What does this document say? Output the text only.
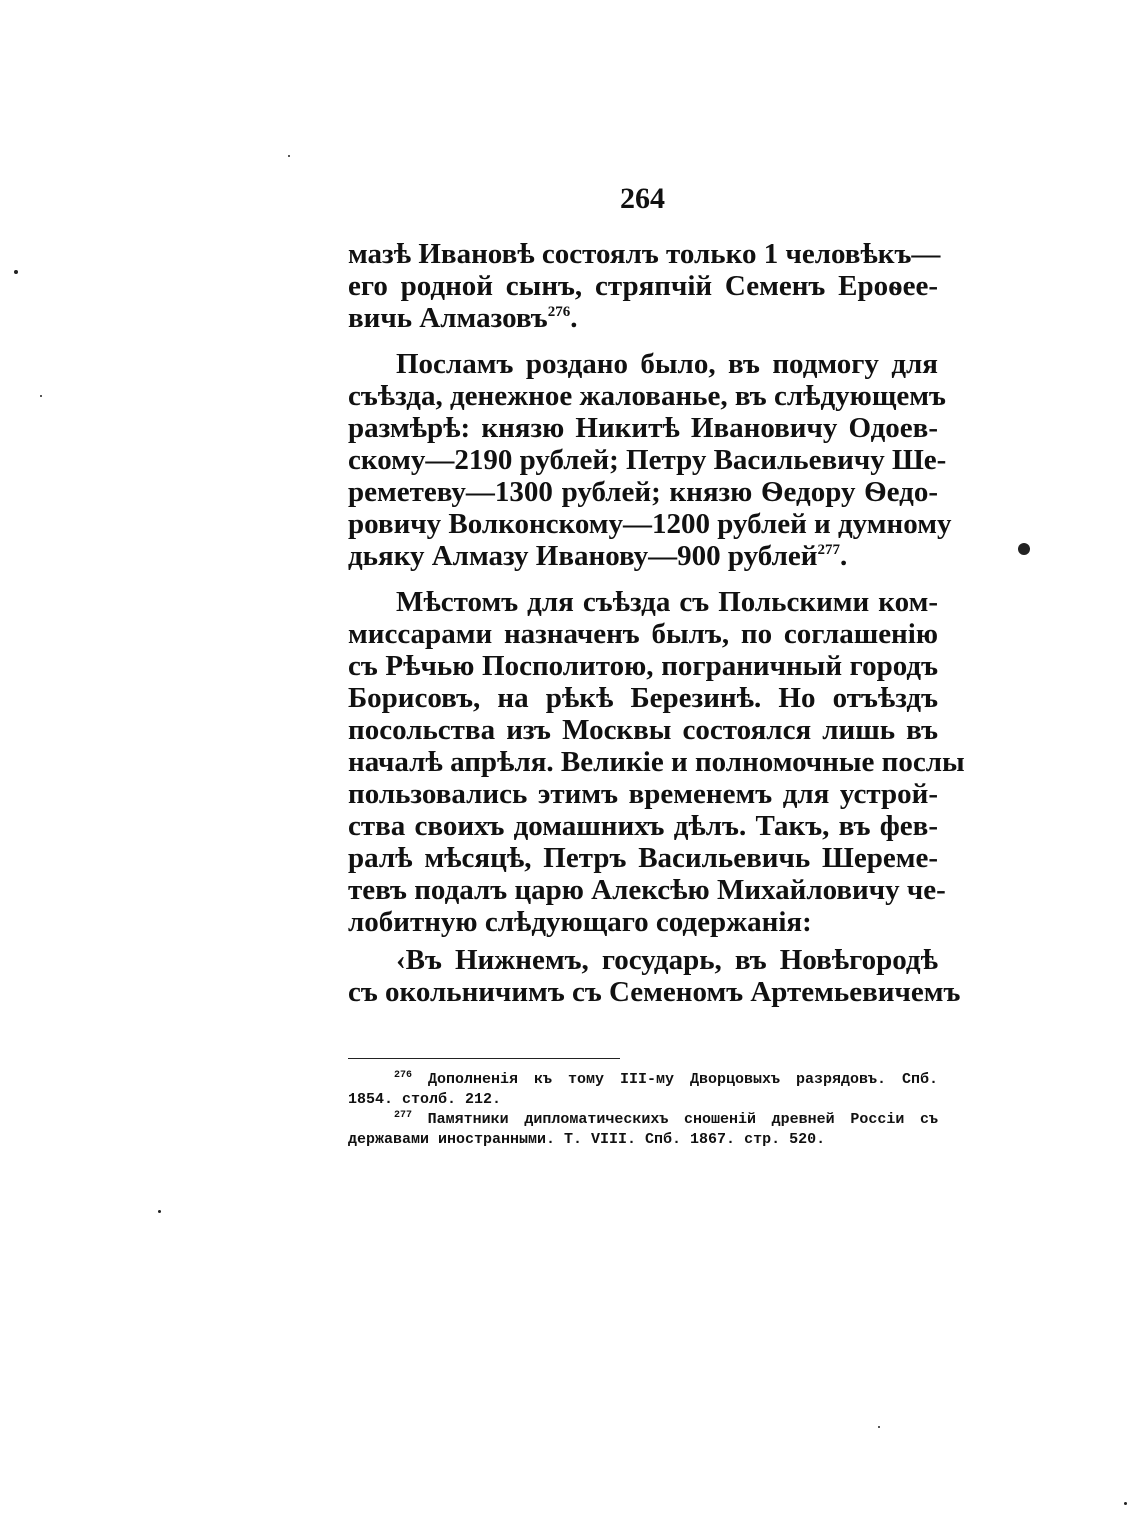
264
мазѣ Ивановѣ состоялъ только 1 человѣкъ—
его родной сынъ, стряпчій Семенъ Ероѳее-
вичь Алмазовъ$^{276}$.
Посламъ роздано было, въ подмогу для
съѣзда, денежное жалованье, въ слѣдующемъ
размѣрѣ: князю Никитѣ Ивановичу Одоев-
скому—2190 рублей; Петру Васильевичу Ше-
реметеву—1300 рублей; князю Ѳедору Ѳедо-
ровичу Волконскому—1200 рублей и думному
дьяку Алмазу Иванову—900 рублей$^{277}$.
Мѣстомъ для съѣзда съ Польскими ком-
миссарами назначенъ былъ, по соглашенію
съ Рѣчью Посполитою, пограничный городъ
Борисовъ, на рѣкѣ Березинѣ. Но отъѣздъ
посольства изъ Москвы состоялся лишь въ
началѣ апрѣля. Великіе и полномочные послы
пользовались этимъ временемъ для устрой-
ства своихъ домашнихъ дѣлъ. Такъ, въ фев-
ралѣ мѣсяцѣ, Петръ Васильевичь Шереме-
тевъ подалъ царю Алексѣю Михайловичу че-
лобитную слѣдующаго содержанія:
‹Въ Нижнемъ, государь, въ Новѣгородѣ
съ окольничимъ съ Семеномъ Артемьевичемъ
$^{276}$ Дополненія къ тому III-му Дворцовыхъ разрядовъ. Спб.
1854. столб. 212.
$^{277}$ Памятники дипломатическихъ сношеній древней Россіи съ
державами иностранными. Т. VIII. Спб. 1867. стр. 520.
